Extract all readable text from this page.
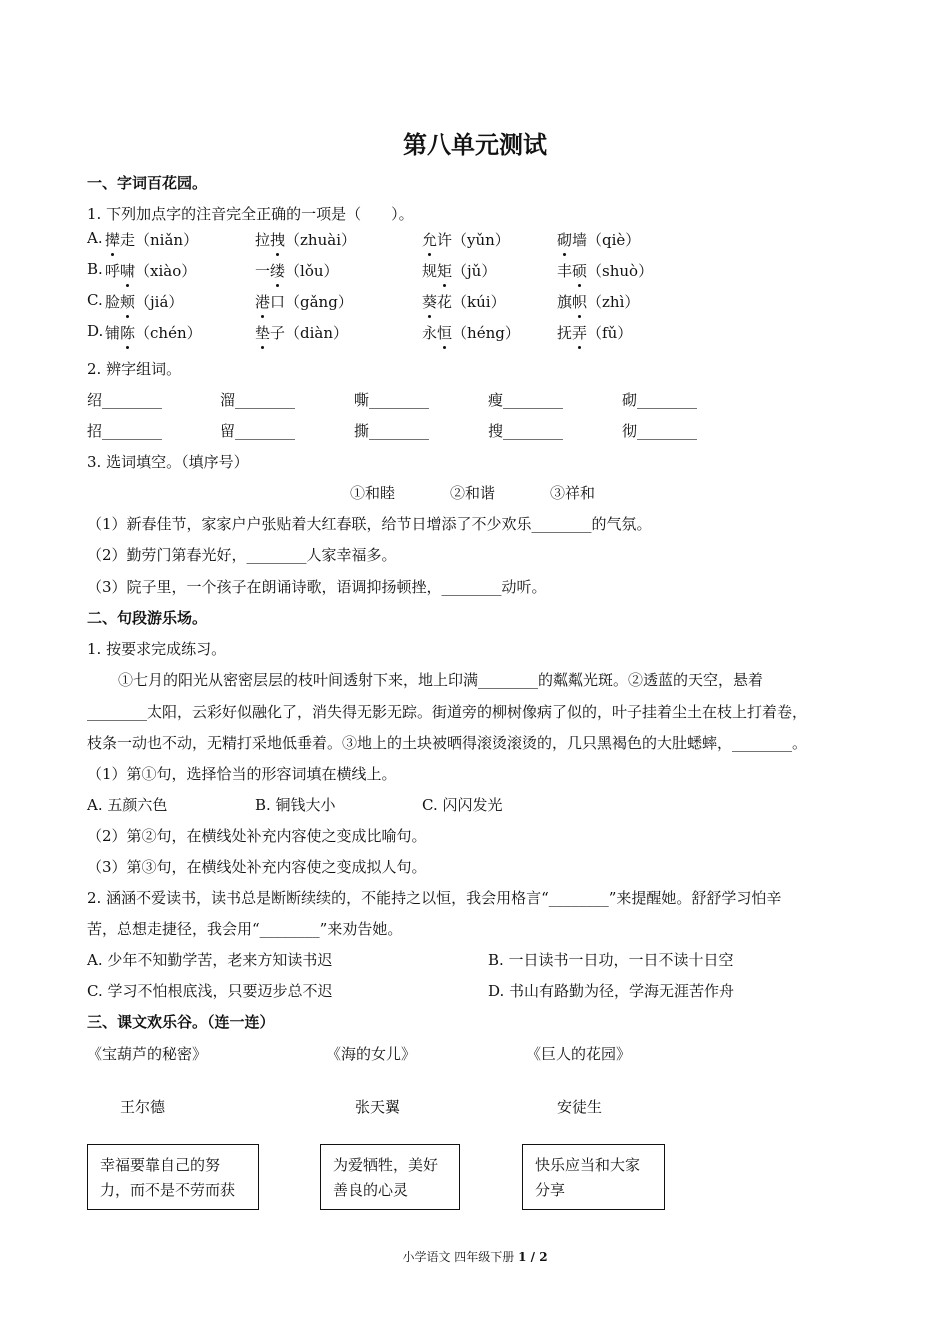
第八单元测试
一、字词百花园。
1. 下列加点字的注音完全正确的一项是（　　）。
A. 撵走（niǎn）	拉拽（zhuài）	允许（yǔn）	砌墙（qiè）
B. 呼啸（xiào）	一缕（lǒu）	规矩（jǔ）	丰硕（shuò）
C. 脸颊（jiá）	港口（gǎng）	葵花（kúi）	旗帜（zhì）
D. 铺陈（chén）	垫子（diàn）	永恒（héng） 抚弄（fǔ）
2. 辨字组词。
绍________	溜________	嘶________	瘦________	砌________
招________	留________	撕________	搜________	彻________
3. 选词填空。（填序号）
①和睦	②和谐	③祥和
（1）新春佳节，家家户户张贴着大红春联，给节日增添了不少欢乐________的气氛。
（2）勤劳门第春光好，________人家幸福多。
（3）院子里，一个孩子在朗诵诗歌，语调抑扬顿挫，________动听。
二、句段游乐场。
1. 按要求完成练习。
①七月的阳光从密密层层的枝叶间透射下来，地上印满________的粼粼光斑。②透蓝的天空，悬着
________太阳，云彩好似融化了，消失得无影无踪。街道旁的柳树像病了似的，叶子挂着尘土在枝上打着卷，
枝条一动也不动，无精打采地低垂着。③地上的土块被晒得滚烫滚烫的，几只黑褐色的大肚蟋蟀，________。
（1）第①句，选择恰当的形容词填在横线上。
A. 五颜六色	B. 铜钱大小	C. 闪闪发光
（2）第②句，在横线处补充内容使之变成比喻句。
（3）第③句，在横线处补充内容使之变成拟人句。
2. 涵涵不爱读书，读书总是断断续续的，不能持之以恒，我会用格言“________”来提醒她。舒舒学习怕辛
苦，总想走捷径，我会用“________”来劝告她。
A. 少年不知勤学苦，老来方知读书迟	B. 一日读书一日功，一日不读十日空
C. 学习不怕根底浅，只要迈步总不迟	D. 书山有路勤为径，学海无涯苦作舟
三、课文欢乐谷。（连一连）
《宝葫芦的秘密》	《海的女儿》	《巨人的花园》
王尔德	张天翼	安徒生
幸福要靠自己的努
力，而不是不劳而获
为爱牺牲，美好
善良的心灵
快乐应当和大家
分享
小学语文 四年级下册 1 / 2
